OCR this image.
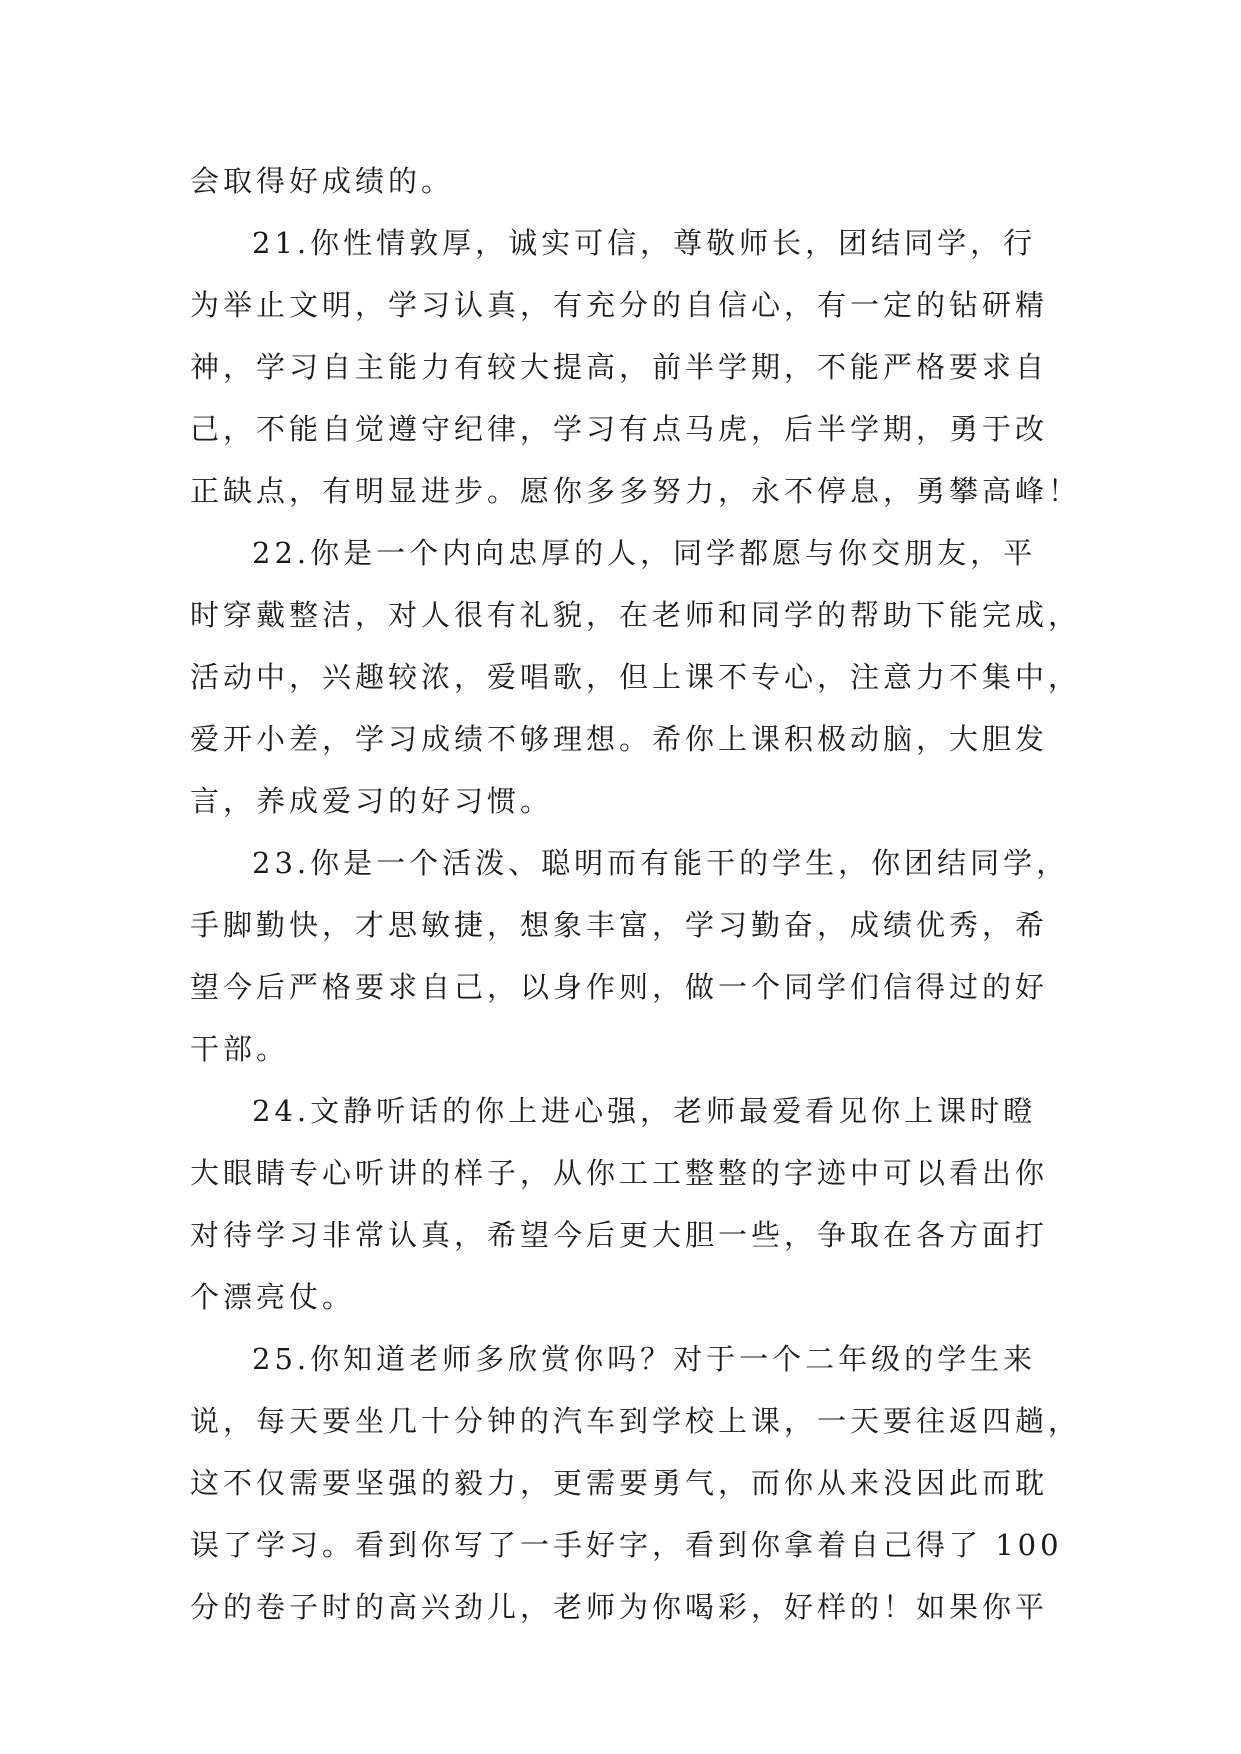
会取得好成绩的。
21.你性情敦厚，诚实可信，尊敬师长，团结同学，行
为举止文明，学习认真，有充分的自信心，有一定的钻研精
神，学习自主能力有较大提高，前半学期，不能严格要求自
己，不能自觉遵守纪律，学习有点马虎，后半学期，勇于改
正缺点，有明显进步。愿你多多努力，永不停息，勇攀高峰！
22.你是一个内向忠厚的人，同学都愿与你交朋友，平
时穿戴整洁，对人很有礼貌，在老师和同学的帮助下能完成，
活动中，兴趣较浓，爱唱歌，但上课不专心，注意力不集中，
爱开小差，学习成绩不够理想。希你上课积极动脑，大胆发
言，养成爱习的好习惯。
23.你是一个活泼、聪明而有能干的学生，你团结同学，
手脚勤快，才思敏捷，想象丰富，学习勤奋，成绩优秀，希
望今后严格要求自己，以身作则，做一个同学们信得过的好
干部。
24.文静听话的你上进心强，老师最爱看见你上课时瞪
大眼睛专心听讲的样子，从你工工整整的字迹中可以看出你
对待学习非常认真，希望今后更大胆一些，争取在各方面打
个漂亮仗。
25.你知道老师多欣赏你吗？对于一个二年级的学生来
说，每天要坐几十分钟的汽车到学校上课，一天要往返四趟，
这不仅需要坚强的毅力，更需要勇气，而你从来没因此而耽
误了学习。看到你写了一手好字，看到你拿着自己得了 100
分的卷子时的高兴劲儿，老师为你喝彩，好样的！如果你平
